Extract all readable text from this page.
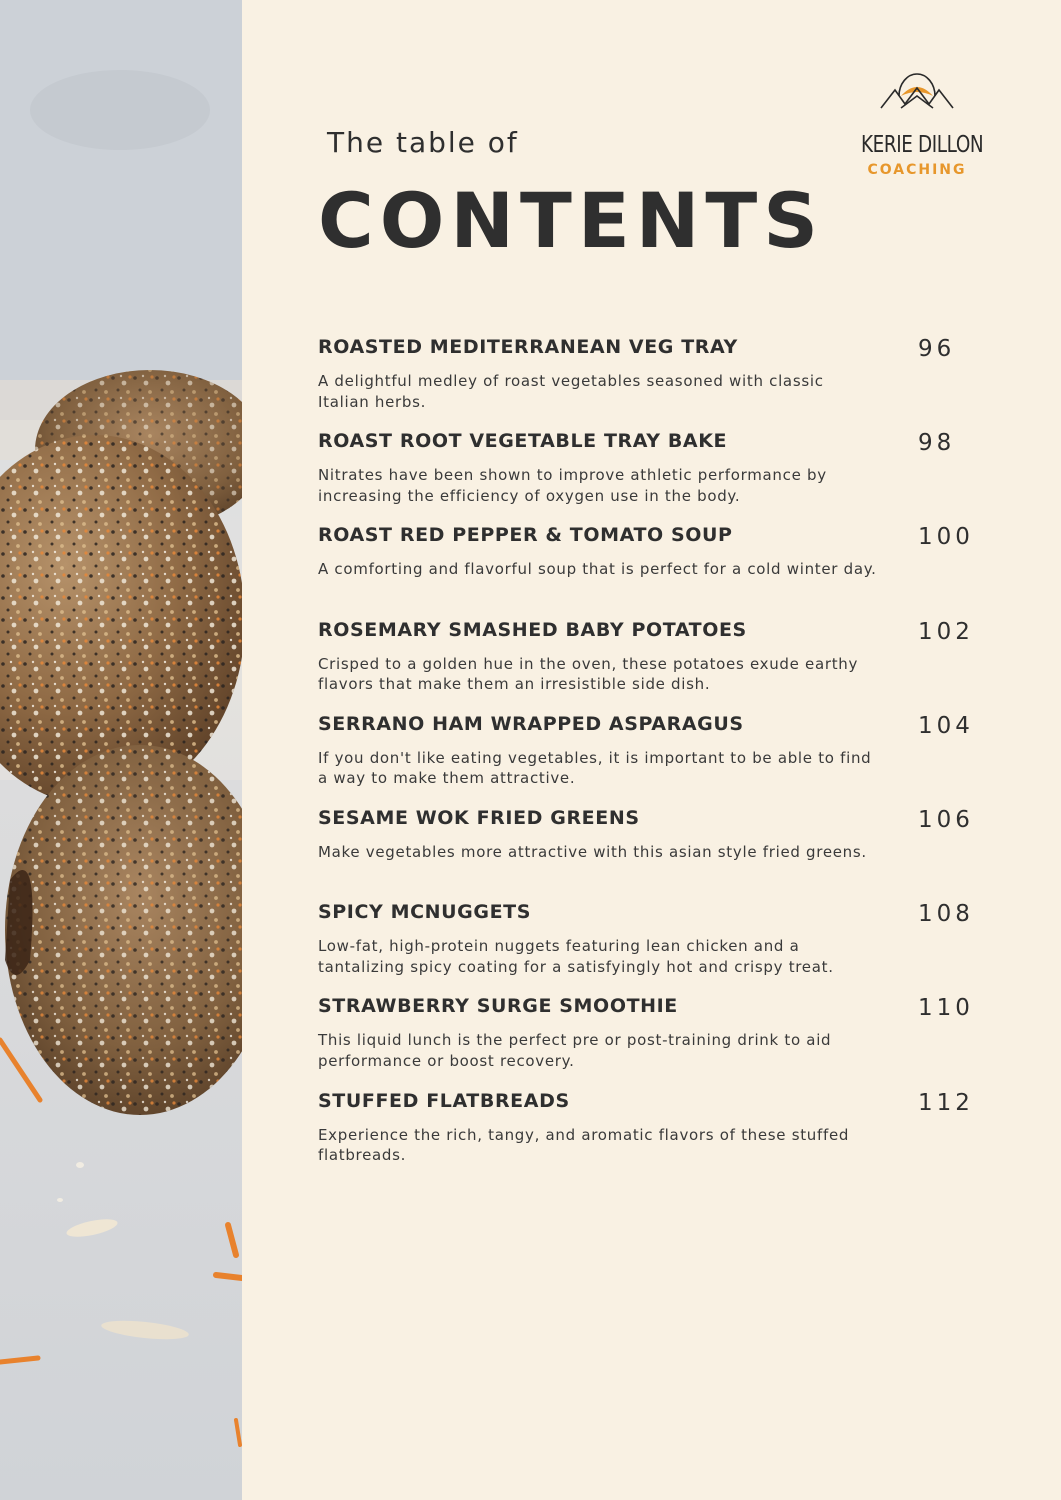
The table of
CONTENTS
KERIE DILLON
COACHING
ROASTED MEDITERRANEAN VEG TRAY	96
A delightful medley of roast vegetables seasoned with classic Italian herbs.
ROAST ROOT VEGETABLE TRAY BAKE	98
Nitrates have been shown to improve athletic performance by increasing the efficiency of oxygen use in the body.
ROAST RED PEPPER & TOMATO SOUP	100
A comforting and flavorful soup that is perfect for a cold winter day.
ROSEMARY SMASHED BABY POTATOES	102
Crisped to a golden hue in the oven, these potatoes exude earthy flavors that make them an irresistible side dish.
SERRANO HAM WRAPPED ASPARAGUS	104
If you don't like eating vegetables, it is important to be able to find a way to make them attractive.
SESAME WOK FRIED GREENS	106
Make vegetables more attractive with this asian style fried greens.
SPICY MCNUGGETS	108
Low-fat, high-protein nuggets featuring lean chicken and a tantalizing spicy coating for a satisfyingly hot and crispy treat.
STRAWBERRY SURGE SMOOTHIE	110
This liquid lunch is the perfect pre or post-training drink to aid performance or boost recovery.
STUFFED FLATBREADS	112
Experience the rich, tangy, and aromatic flavors of these stuffed flatbreads.
